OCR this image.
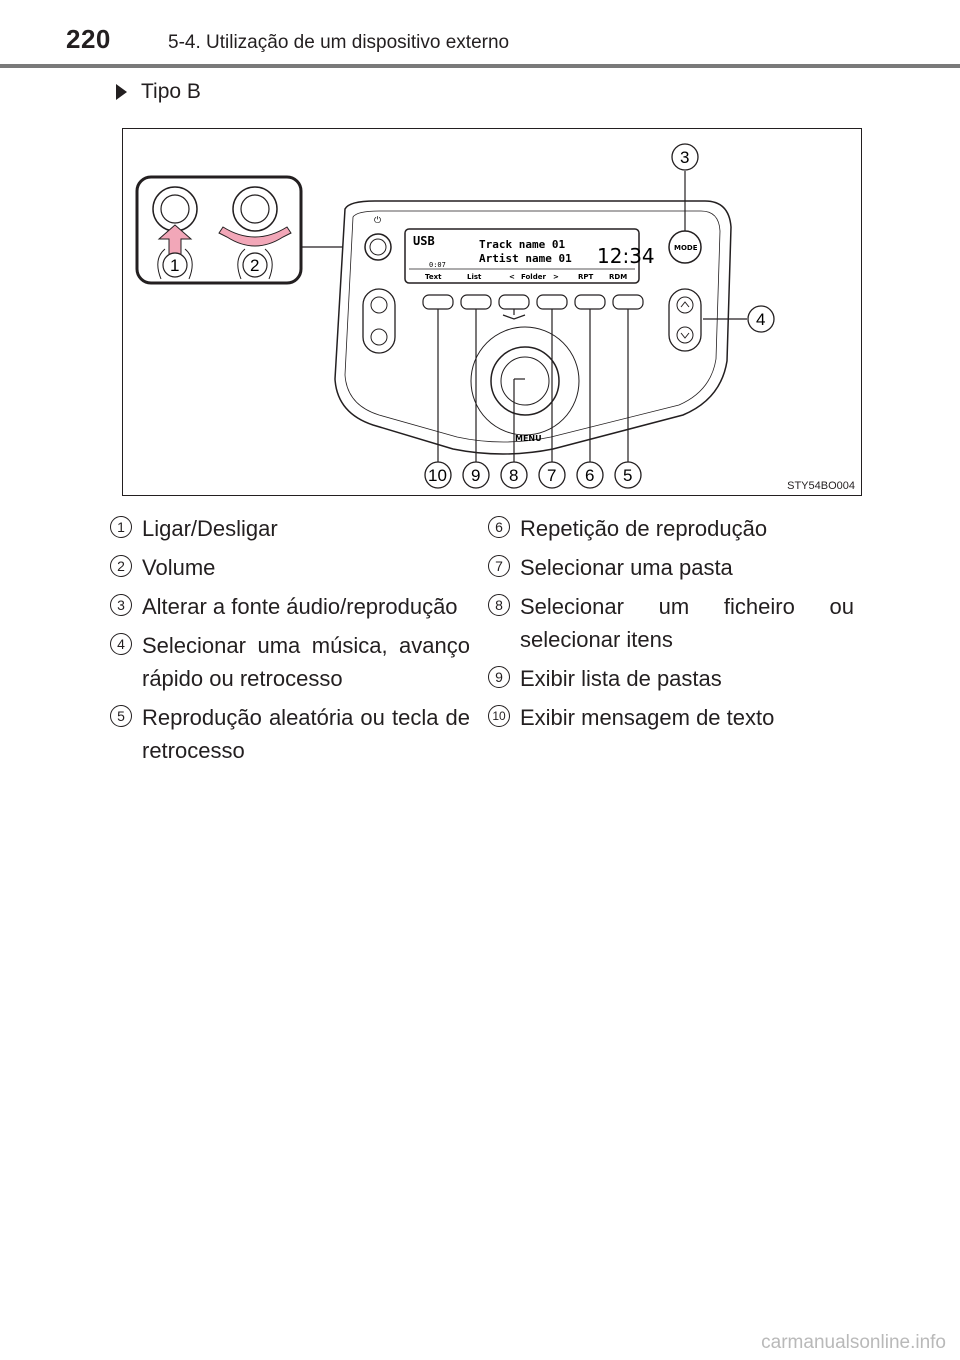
220	5-4. Utilização de um dispositivo externo
Tipo B
⏻
USB	Track name 01
Artist name 01
0:07	12:34
Text	List	< Folder >	RPT RDM
MODE
MENU
1	2
3
4
5
6
7
8
9
10
STY54BO004
1 Ligar/Desligar
2 Volume
3 Alterar a fonte áudio/reprodução
4 Selecionar uma música, avanço rápido ou retrocesso
5 Reprodução aleatória ou tecla de retrocesso
6 Repetição de reprodução
7 Selecionar uma pasta
8 Selecionar um ficheiro ou selecionar itens
9 Exibir lista de pastas
10 Exibir mensagem de texto
carmanualsonline.info
